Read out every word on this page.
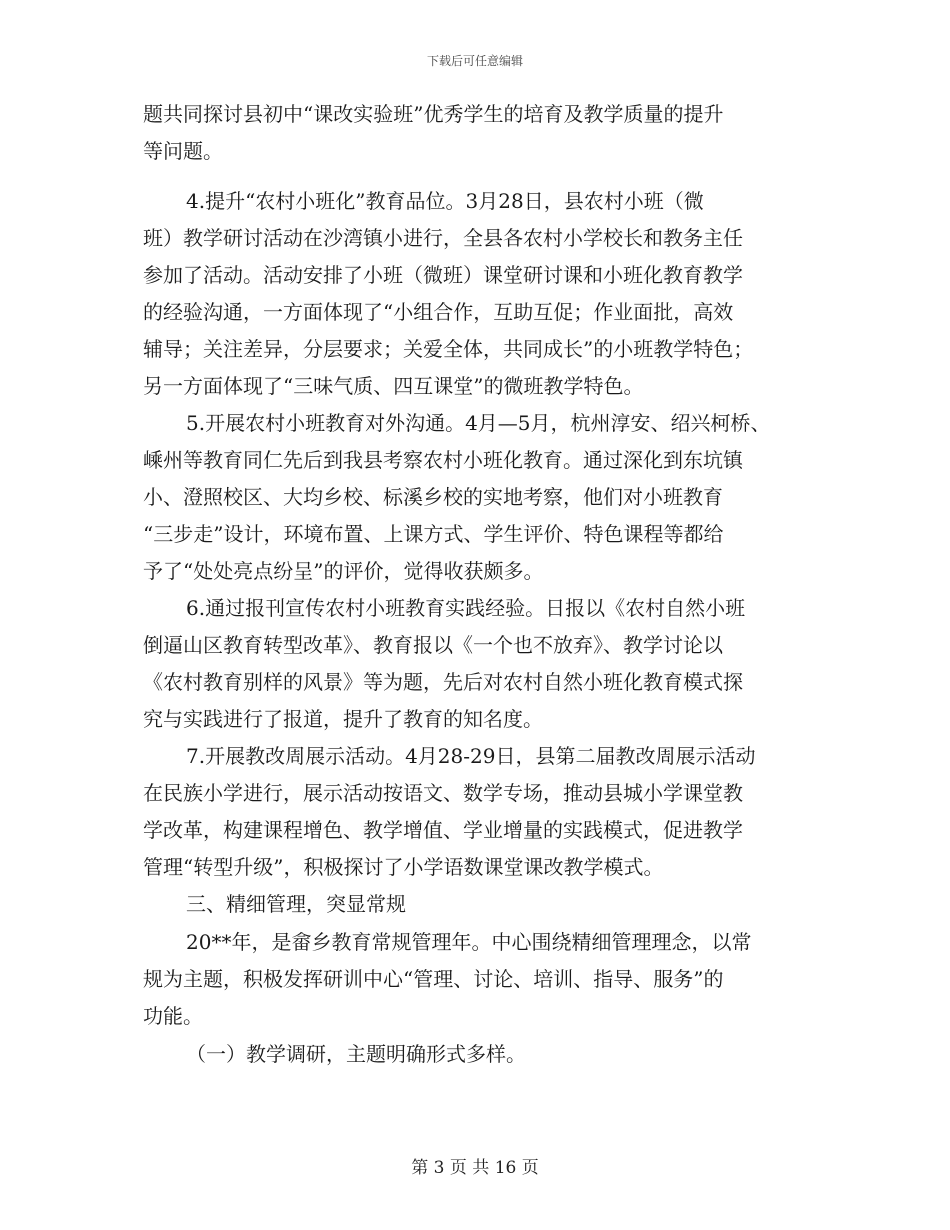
下载后可任意编辑
题共同探讨县初中“课改实验班”优秀学生的培育及教学质量的提升
等问题。
4.提升“农村小班化”教育品位。3月28日，县农村小班（微
班）教学研讨活动在沙湾镇小进行，全县各农村小学校长和教务主任
参加了活动。活动安排了小班（微班）课堂研讨课和小班化教育教学
的经验沟通，一方面体现了“小组合作，互助互促；作业面批，高效
辅导；关注差异，分层要求；关爱全体，共同成长”的小班教学特色；
另一方面体现了“三味气质、四互课堂”的微班教学特色。
5.开展农村小班教育对外沟通。4月—5月，杭州淳安、绍兴柯桥、
嵊州等教育同仁先后到我县考察农村小班化教育。通过深化到东坑镇
小、澄照校区、大均乡校、标溪乡校的实地考察，他们对小班教育
“三步走”设计，环境布置、上课方式、学生评价、特色课程等都给
予了“处处亮点纷呈”的评价，觉得收获颇多。
6.通过报刊宣传农村小班教育实践经验。日报以《农村自然小班
倒逼山区教育转型改革》、教育报以《一个也不放弃》、教学讨论以
《农村教育别样的风景》等为题，先后对农村自然小班化教育模式探
究与实践进行了报道，提升了教育的知名度。
7.开展教改周展示活动。4月28-29日，县第二届教改周展示活动
在民族小学进行，展示活动按语文、数学专场，推动县城小学课堂教
学改革，构建课程增色、教学增值、学业增量的实践模式，促进教学
管理“转型升级”，积极探讨了小学语数课堂课改教学模式。
三、精细管理，突显常规
20**年，是畲乡教育常规管理年。中心围绕精细管理理念，以常
规为主题，积极发挥研训中心“管理、讨论、培训、指导、服务”的
功能。
（一）教学调研，主题明确形式多样。
第 3 页 共 16 页
